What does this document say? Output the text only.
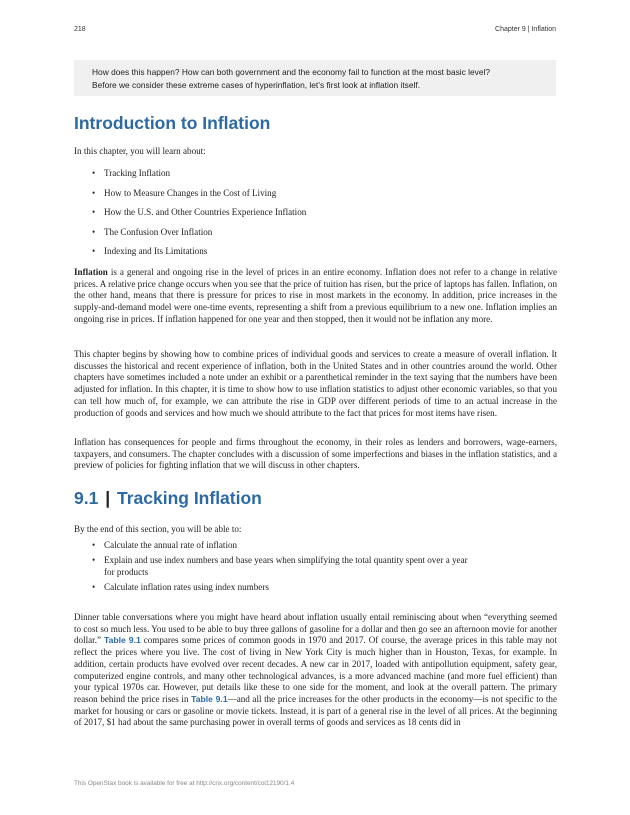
218	Chapter 9 | Inflation

How does this happen? How can both government and the economy fail to function at the most basic level?

Before we consider these extreme cases of hyperinflation, let’s first look at inflation itself.

Introduction to Inflation

In this chapter, you will learn about:

• Tracking Inflation
• How to Measure Changes in the Cost of Living
• How the U.S. and Other Countries Experience Inflation
• The Confusion Over Inflation
• Indexing and Its Limitations

Inflation is a general and ongoing rise in the level of prices in an entire economy. Inflation does not refer to a change in relative prices. A relative price change occurs when you see that the price of tuition has risen, but the price of laptops has fallen. Inflation, on the other hand, means that there is pressure for prices to rise in most markets in the economy. In addition, price increases in the supply-and-demand model were one-time events, representing a shift from a previous equilibrium to a new one. Inflation implies an ongoing rise in prices. If inflation happened for one year and then stopped, then it would not be inflation any more.

This chapter begins by showing how to combine prices of individual goods and services to create a measure of overall inflation. It discusses the historical and recent experience of inflation, both in the United States and in other countries around the world. Other chapters have sometimes included a note under an exhibit or a parenthetical reminder in the text saying that the numbers have been adjusted for inflation. In this chapter, it is time to show how to use inflation statistics to adjust other economic variables, so that you can tell how much of, for example, we can attribute the rise in GDP over different periods of time to an actual increase in the production of goods and services and how much we should attribute to the fact that prices for most items have risen.

Inflation has consequences for people and firms throughout the economy, in their roles as lenders and borrowers, wage-earners, taxpayers, and consumers. The chapter concludes with a discussion of some imperfections and biases in the inflation statistics, and a preview of policies for fighting inflation that we will discuss in other chapters.

9.1 | Tracking Inflation

By the end of this section, you will be able to:

• Calculate the annual rate of inflation
• Explain and use index numbers and base years when simplifying the total quantity spent over a year
for products
• Calculate inflation rates using index numbers

Dinner table conversations where you might have heard about inflation usually entail reminiscing about when “everything seemed to cost so much less. You used to be able to buy three gallons of gasoline for a dollar and then go see an afternoon movie for another dollar.” Table 9.1 compares some prices of common goods in 1970 and 2017. Of course, the average prices in this table may not reflect the prices where you live. The cost of living in New York City is much higher than in Houston, Texas, for example. In addition, certain products have evolved over recent decades. A new car in 2017, loaded with antipollution equipment, safety gear, computerized engine controls, and many other technological advances, is a more advanced machine (and more fuel efficient) than your typical 1970s car. However, put details like these to one side for the moment, and look at the overall pattern. The primary reason behind the price rises in Table 9.1—and all the price increases for the other products in the economy—is not specific to the market for housing or cars or gasoline or movie tickets. Instead, it is part of a general rise in the level of all prices. At the beginning of 2017, $1 had about the same purchasing power in overall terms of goods and services as 18 cents did in

This OpenStax book is available for free at http://cnx.org/content/col12190/1.4
